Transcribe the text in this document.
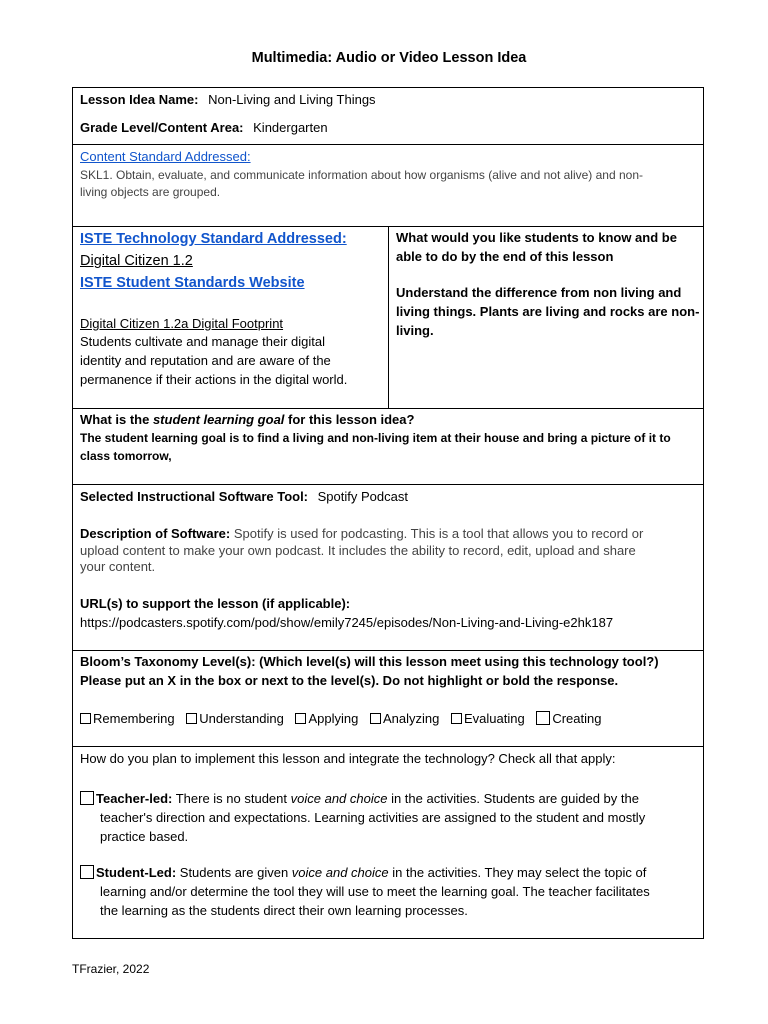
Multimedia: Audio or Video Lesson Idea
Lesson Idea Name: Non-Living and Living Things
Grade Level/Content Area: Kindergarten
Content Standard Addressed:
SKL1. Obtain, evaluate, and communicate information about how organisms (alive and not alive) and non-
living objects are grouped.
ISTE Technology Standard Addressed:
Digital Citizen 1.2
ISTE Student Standards Website
Digital Citizen 1.2a Digital Footprint
Students cultivate and manage their digital
identity and reputation and are aware of the
permanence if their actions in the digital world.
What would you like students to know and be
able to do by the end of this lesson
Understand the difference from non living and
living things. Plants are living and rocks are non-
living.
What is the student learning goal for this lesson idea?
The student learning goal is to find a living and non-living item at their house and bring a picture of it to
class tomorrow,
Selected Instructional Software Tool: Spotify Podcast
Description of Software: Spotify is used for podcasting. This is a tool that allows you to record or
upload content to make your own podcast. It includes the ability to record, edit, upload and share
your content.
URL(s) to support the lesson (if applicable):
https://podcasters.spotify.com/pod/show/emily7245/episodes/Non-Living-and-Living-e2hk187
Bloom’s Taxonomy Level(s): (Which level(s) will this lesson meet using this technology tool?)
Please put an X in the box or next to the level(s). Do not highlight or bold the response.
Remembering Understanding Applying Analyzing Evaluating Creating
How do you plan to implement this lesson and integrate the technology? Check all that apply:
Teacher-led: There is no student voice and choice in the activities. Students are guided by the
teacher's direction and expectations. Learning activities are assigned to the student and mostly
practice based.
Student-Led: Students are given voice and choice in the activities. They may select the topic of
learning and/or determine the tool they will use to meet the learning goal. The teacher facilitates
the learning as the students direct their own learning processes.
TFrazier, 2022
